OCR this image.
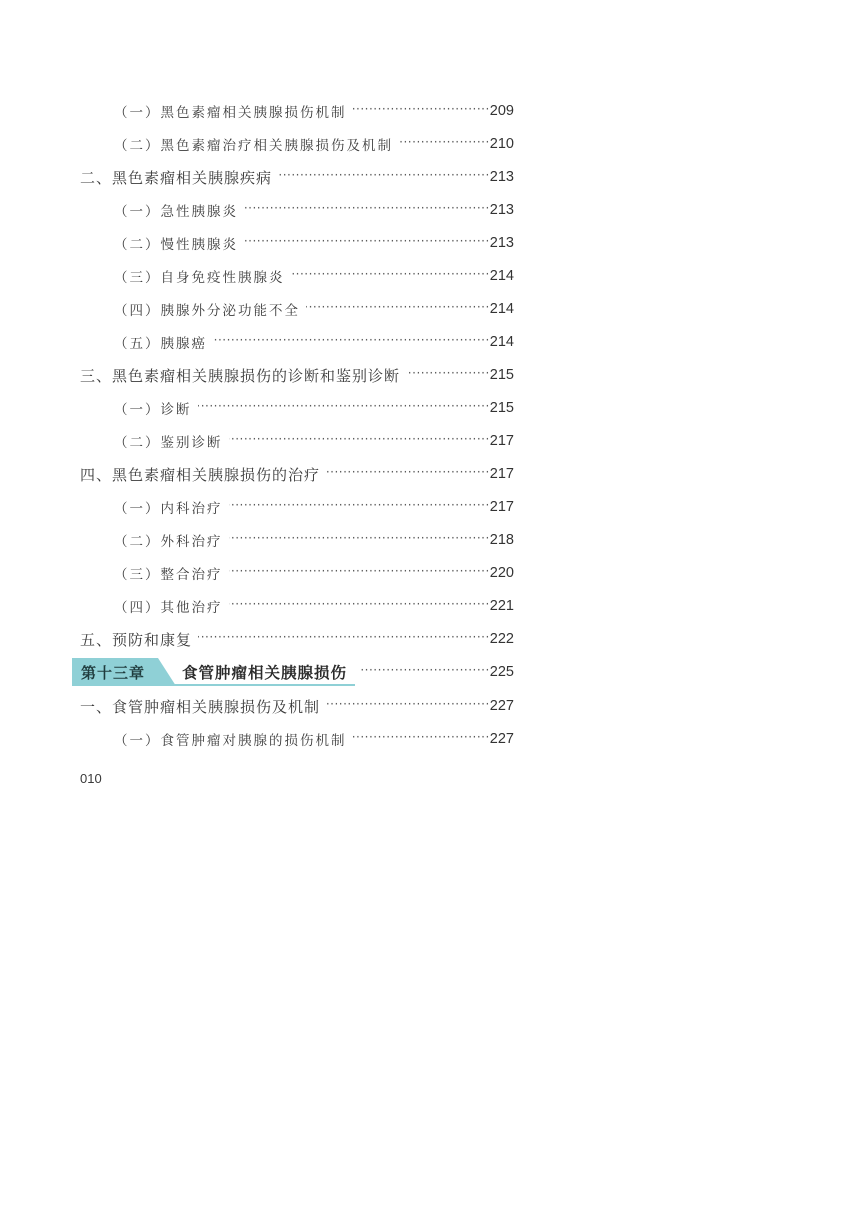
（一）黑色素瘤相关胰腺损伤机制 ·····	209
（二）黑色素瘤治疗相关胰腺损伤及机制 ·····	210
二、黑色素瘤相关胰腺疾病 ·····	213
（一）急性胰腺炎 ·····	213
（二）慢性胰腺炎 ·····	213
（三）自身免疫性胰腺炎 ·····	214
（四）胰腺外分泌功能不全 ·····	214
（五）胰腺癌 ·····	214
三、黑色素瘤相关胰腺损伤的诊断和鉴别诊断 ·····	215
（一）诊断 ·····	215
（二）鉴别诊断 ·····	217
四、黑色素瘤相关胰腺损伤的治疗 ·····	217
（一）内科治疗 ·····	217
（二）外科治疗 ·····	218
（三）整合治疗 ·····	220
（四）其他治疗 ·····	221
五、预防和康复 ·····	222
第十三章 食管肿瘤相关胰腺损伤 ·····	225
一、食管肿瘤相关胰腺损伤及机制 ·····	227
（一）食管肿瘤对胰腺的损伤机制 ·····	227
010
